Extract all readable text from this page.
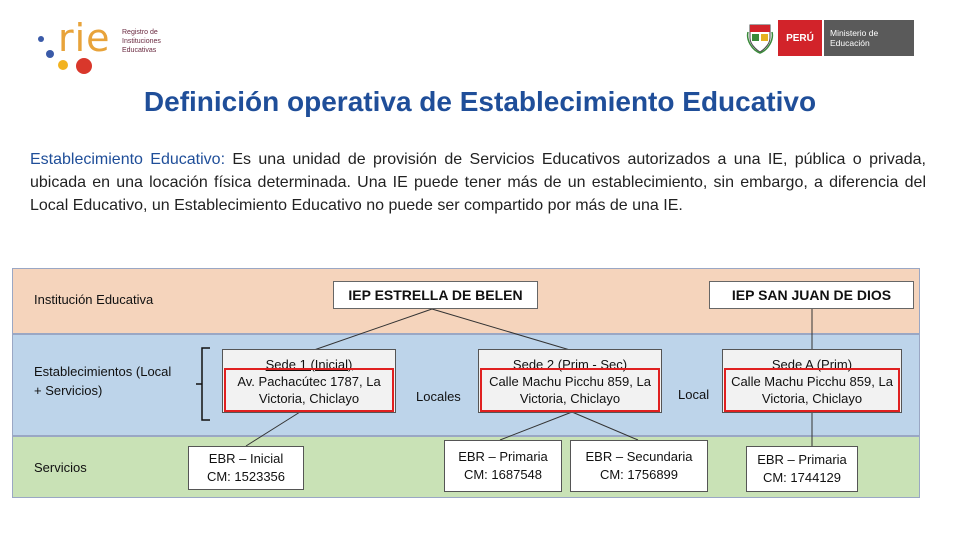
rie Registro de Instituciones Educativas
PERÚ	Ministerio de Educación
Definición operativa de Establecimiento Educativo
Establecimiento Educativo: Es una unidad de provisión de Servicios Educativos autorizados a una IE, pública o privada, ubicada en una locación física determinada. Una IE puede tener más de un establecimiento, sin embargo, a diferencia del Local Educativo, un Establecimiento Educativo no puede ser compartido por más de una IE.
Institución Educativa
Establecimientos (Local + Servicios)
Servicios
IEP ESTRELLA DE BELEN	IEP SAN JUAN DE DIOS
Sede 1 (Inicial)
Av. Pachacútec 1787, La Victoria, Chiclayo
Sede 2 (Prim - Sec)
Calle Machu Picchu 859, La Victoria, Chiclayo
Sede A (Prim)
Calle Machu Picchu 859, La Victoria, Chiclayo
Locales	Local
EBR – Inicial
CM: 1523356
EBR – Primaria
CM: 1687548
EBR – Secundaria
CM: 1756899
EBR – Primaria
CM: 1744129
